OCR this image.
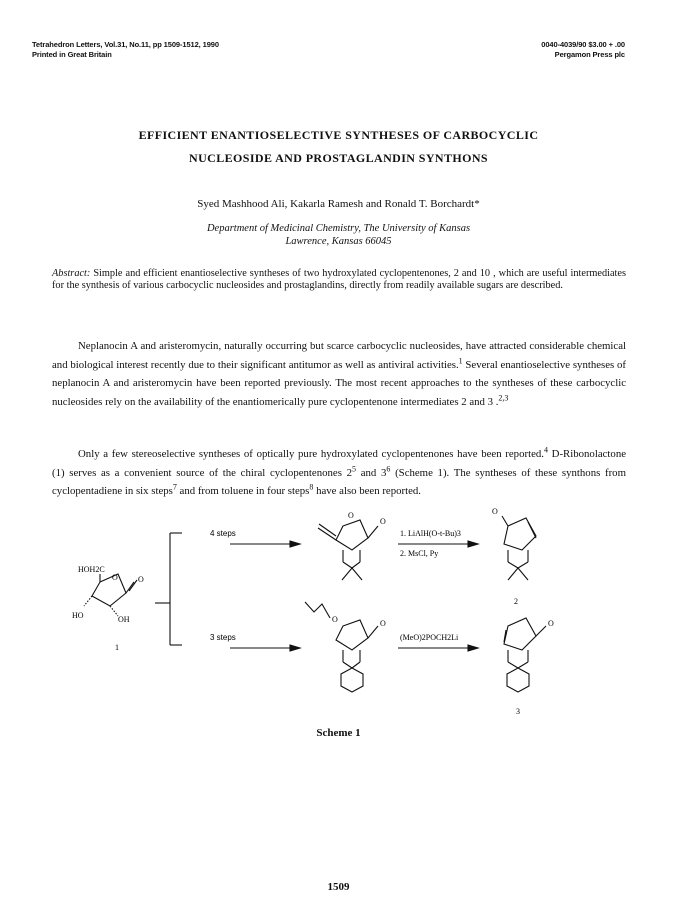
Tetrahedron Letters, Vol.31, No.11, pp 1509-1512, 1990
Printed in Great Britain
0040-4039/90 $3.00 + .00
Pergamon Press plc
EFFICIENT ENANTIOSELECTIVE SYNTHESES OF CARBOCYCLIC
NUCLEOSIDE AND PROSTAGLANDIN SYNTHONS
Syed Mashhood Ali, Kakarla Ramesh and Ronald T. Borchardt*
Department of Medicinal Chemistry, The University of Kansas
Lawrence, Kansas 66045
Abstract: Simple and efficient enantioselective syntheses of two hydroxylated cyclopentenones, 2 and 10 , which are useful intermediates for the synthesis of various carbocyclic nucleosides and prostaglandins, directly from readily available sugars are described.
Neplanocin A and aristeromycin, naturally occurring but scarce carbocyclic nucleosides, have attracted considerable chemical and biological interest recently due to their significant antitumor as well as antiviral activities.$^1$ Several enantioselective syntheses of neplanocin A and aristeromycin have been reported previously. The most recent approaches to the syntheses of these carbocyclic nucleosides rely on the availability of the enantiomerically pure cyclopentenone intermediates 2 and 3 .$^{2,3}$
Only a few stereoselective syntheses of optically pure hydroxylated cyclopentenones have been reported.$^4$ D-Ribonolactone (1) serves as a convenient source of the chiral cyclopentenones $2^5$ and $3^6$ (Scheme 1). The syntheses of these synthons from cyclopentadiene in six steps$^7$ and from toluene in four steps$^8$ have also been reported.
4 steps
3 steps
1. LiAlH(O-t-Bu)3
2. MsCl, Py
(MeO)2POCH2Li
HOH2C
O	O
HO	OH
1
O
O
O
2
O	O	O
3
Scheme 1
1509
